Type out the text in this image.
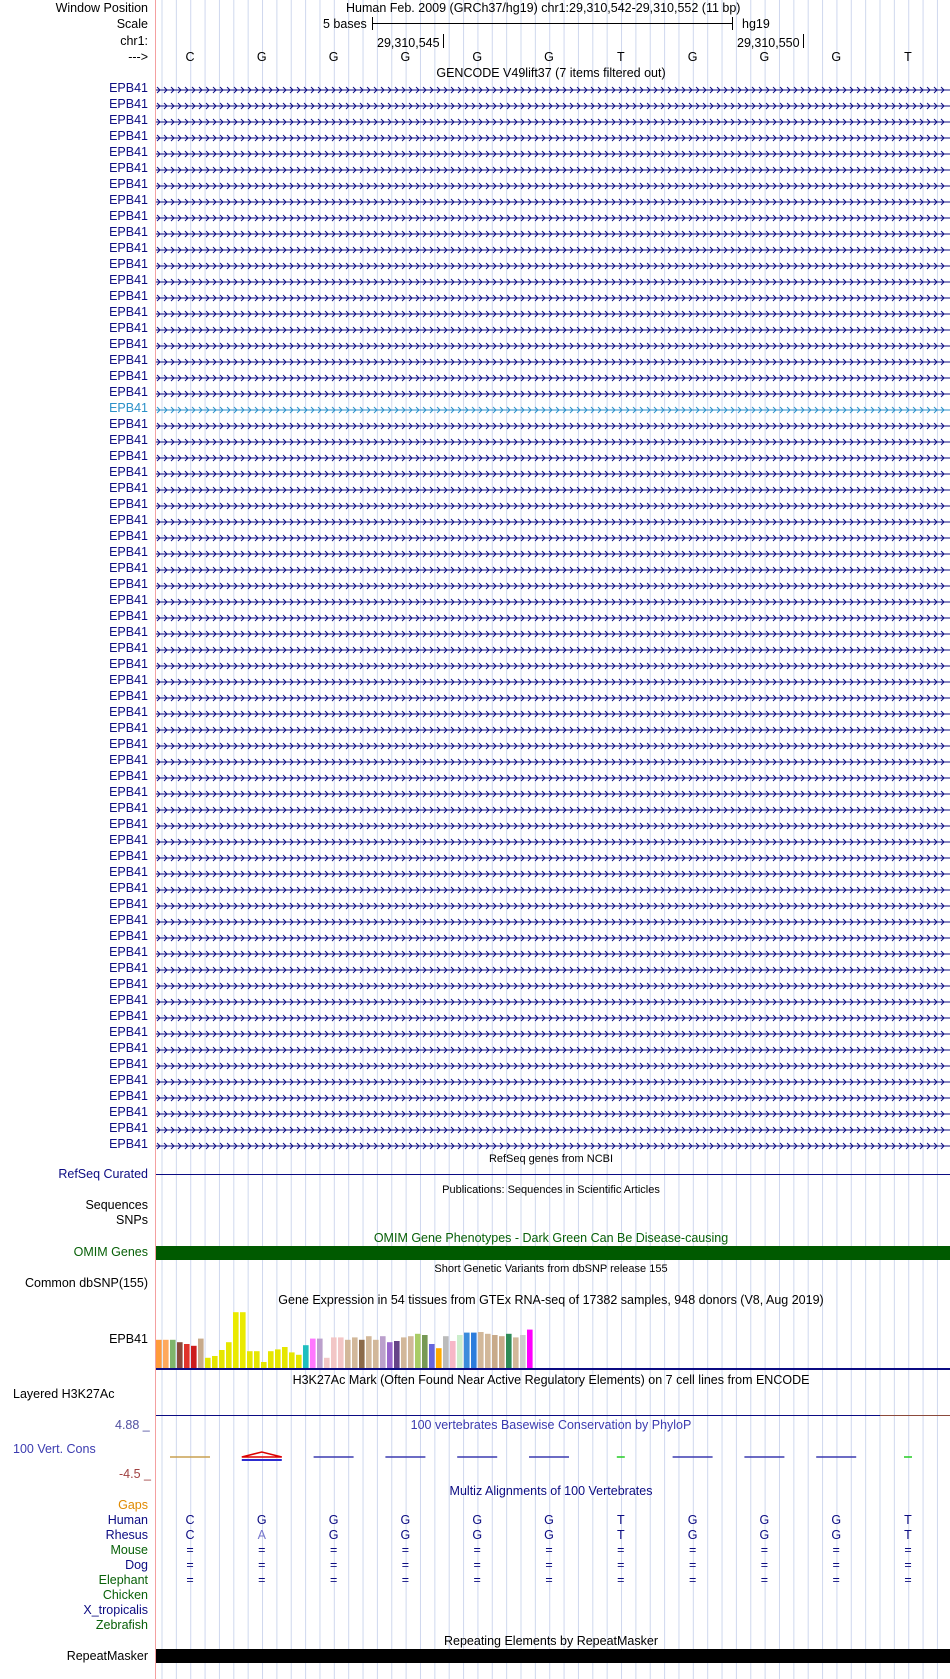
Window Position	Human Feb. 2009 (GRCh37/hg19) chr1:29,310,542-29,310,552 (11 bp)
Scale	5 bases	hg19
chr1:	29,310,545	29,310,550
--->	C	G	G	G	G	G	T	G	G	G	T
GENCODE V49lift37 (7 items filtered out)
EPB41
EPB41
EPB41
EPB41
EPB41
EPB41
EPB41
EPB41
EPB41
EPB41
EPB41
EPB41
EPB41
EPB41
EPB41
EPB41
EPB41
EPB41
EPB41
EPB41
EPB41
EPB41
EPB41
EPB41
EPB41
EPB41
EPB41
EPB41
EPB41
EPB41
EPB41
EPB41
EPB41
EPB41
EPB41
EPB41
EPB41
EPB41
EPB41
EPB41
EPB41
EPB41
EPB41
EPB41
EPB41
EPB41
EPB41
EPB41
EPB41
EPB41
EPB41
EPB41
EPB41
EPB41
EPB41
EPB41
EPB41
EPB41
EPB41
EPB41
EPB41
EPB41
EPB41
EPB41
EPB41
EPB41
EPB41
RefSeq genes from NCBI
RefSeq Curated
Publications: Sequences in Scientific Articles
Sequences
SNPs
OMIM Gene Phenotypes - Dark Green Can Be Disease-causing
OMIM Genes
Short Genetic Variants from dbSNP release 155
Common dbSNP(155)
Gene Expression in 54 tissues from GTEx RNA-seq of 17382 samples, 948 donors (V8, Aug 2019)
EPB41
H3K27Ac Mark (Often Found Near Active Regulatory Elements) on 7 cell lines from ENCODE
Layered H3K27Ac
4.88 _	100 vertebrates Basewise Conservation by PhyloP
100 Vert. Cons
-4.5 _
Multiz Alignments of 100 Vertebrates
Gaps
Human	C	G	G	G	G	G	T	G	G	G	T
Rhesus	C	A	G	G	G	G	T	G	G	G	T
Mouse	=	=	=	=	=	=	=	=	=	=	=
Dog	=	=	=	=	=	=	=	=	=	=	=
Elephant	=	=	=	=	=	=	=	=	=	=	=
Chicken
X_tropicalis
Zebrafish
Repeating Elements by RepeatMasker
RepeatMasker
